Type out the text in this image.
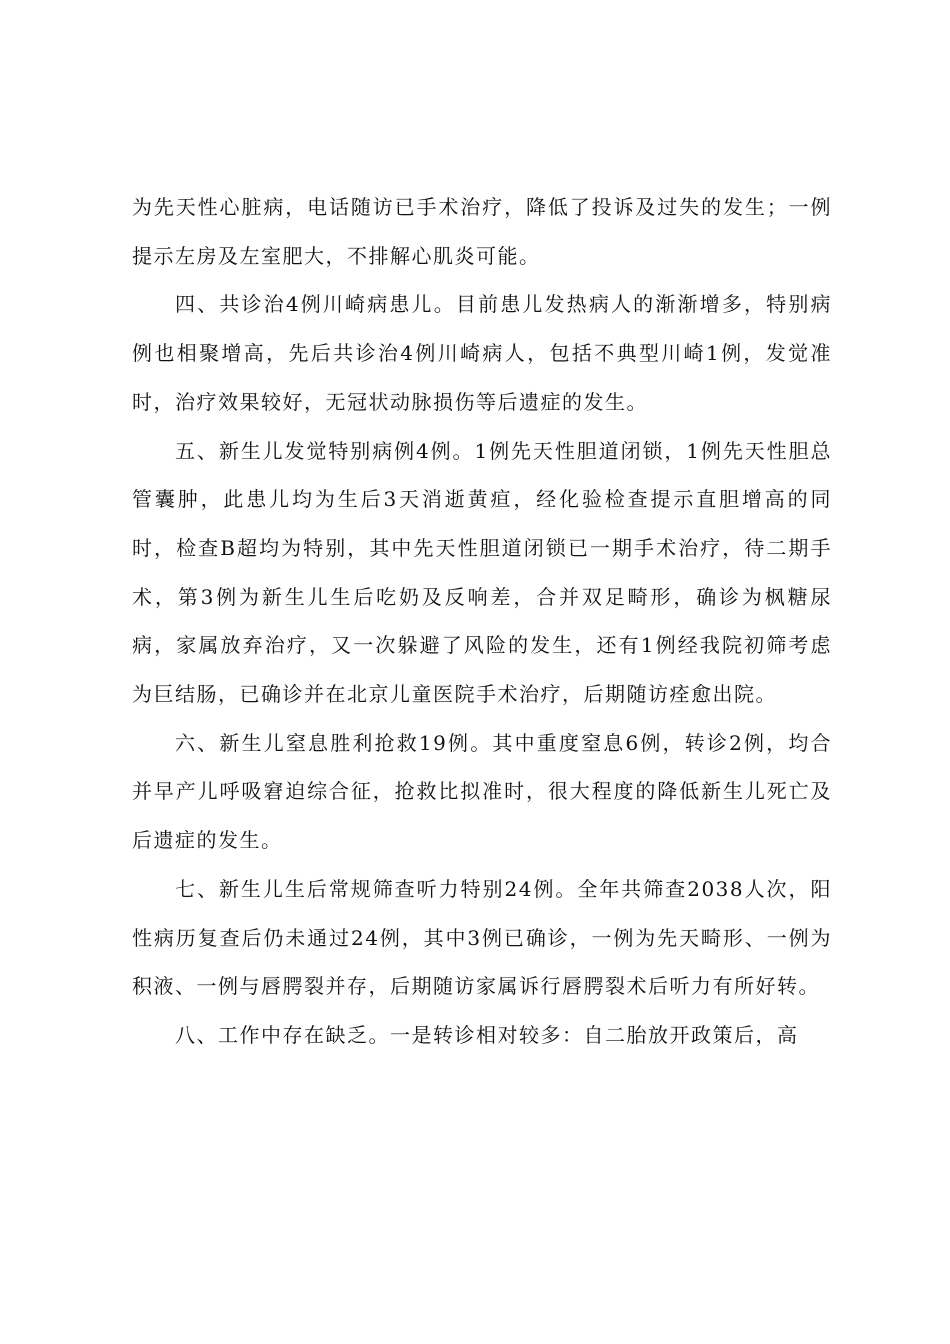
为先天性心脏病，电话随访已手术治疗，降低了投诉及过失的发生；一例提示左房及左室肥大，不排解心肌炎可能。

四、共诊治4例川崎病患儿。目前患儿发热病人的渐渐增多，特别病例也相聚增高，先后共诊治4例川崎病人，包括不典型川崎1例，发觉准时，治疗效果较好，无冠状动脉损伤等后遗症的发生。

五、新生儿发觉特别病例4例。1例先天性胆道闭锁，1例先天性胆总管囊肿，此患儿均为生后3天消逝黄疸，经化验检查提示直胆增高的同时，检查B超均为特别，其中先天性胆道闭锁已一期手术治疗，待二期手术，第3例为新生儿生后吃奶及反响差，合并双足畸形，确诊为枫糖尿病，家属放弃治疗，又一次躲避了风险的发生，还有1例经我院初筛考虑为巨结肠，已确诊并在北京儿童医院手术治疗，后期随访痊愈出院。

六、新生儿窒息胜利抢救19例。其中重度窒息6例，转诊2例，均合并早产儿呼吸窘迫综合征，抢救比拟准时，很大程度的降低新生儿死亡及后遗症的发生。

七、新生儿生后常规筛查听力特别24例。全年共筛查2038人次，阳性病历复查后仍未通过24例，其中3例已确诊，一例为先天畸形、一例为积液、一例与唇腭裂并存，后期随访家属诉行唇腭裂术后听力有所好转。

八、工作中存在缺乏。一是转诊相对较多：自二胎放开政策后，高
